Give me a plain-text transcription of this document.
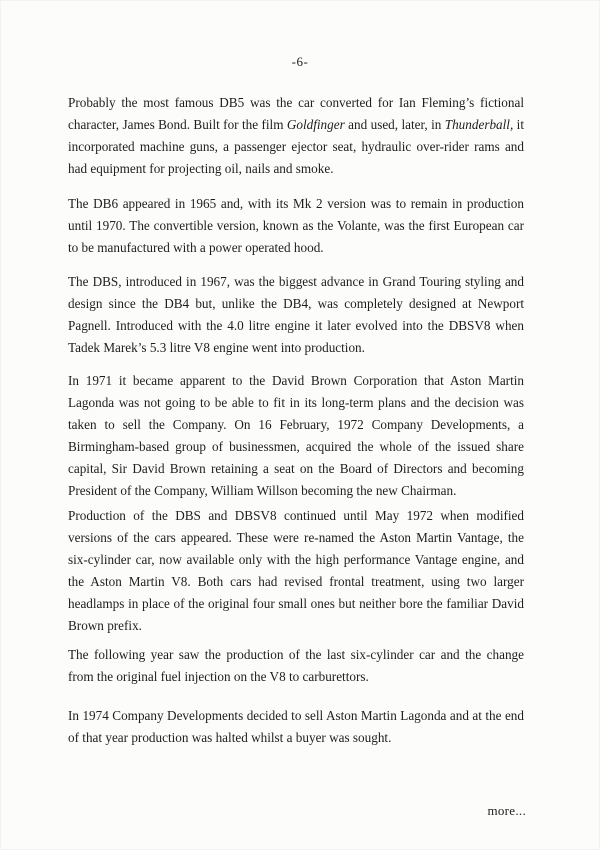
-6-

Probably the most famous DB5 was the car converted for Ian Fleming’s fictional character, James Bond. Built for the film Goldfinger and used, later, in Thunderball, it incorporated machine guns, a passenger ejector seat, hydraulic over-rider rams and had equipment for projecting oil, nails and smoke.

The DB6 appeared in 1965 and, with its Mk 2 version was to remain in production until 1970. The convertible version, known as the Volante, was the first European car to be manufactured with a power operated hood.

The DBS, introduced in 1967, was the biggest advance in Grand Touring styling and design since the DB4 but, unlike the DB4, was completely designed at Newport Pagnell. Introduced with the 4.0 litre engine it later evolved into the DBSV8 when Tadek Marek’s 5.3 litre V8 engine went into production.

In 1971 it became apparent to the David Brown Corporation that Aston Martin Lagonda was not going to be able to fit in its long-term plans and the decision was taken to sell the Company. On 16 February, 1972 Company Developments, a Birmingham-based group of businessmen, acquired the whole of the issued share capital, Sir David Brown retaining a seat on the Board of Directors and becoming President of the Company, William Willson becoming the new Chairman.

Production of the DBS and DBSV8 continued until May 1972 when modified versions of the cars appeared. These were re-named the Aston Martin Vantage, the six-cylinder car, now available only with the high performance Vantage engine, and the Aston Martin V8. Both cars had revised frontal treatment, using two larger headlamps in place of the original four small ones but neither bore the familiar David Brown prefix.

The following year saw the production of the last six-cylinder car and the change from the original fuel injection on the V8 to carburettors.

In 1974 Company Developments decided to sell Aston Martin Lagonda and at the end of that year production was halted whilst a buyer was sought.

more...
